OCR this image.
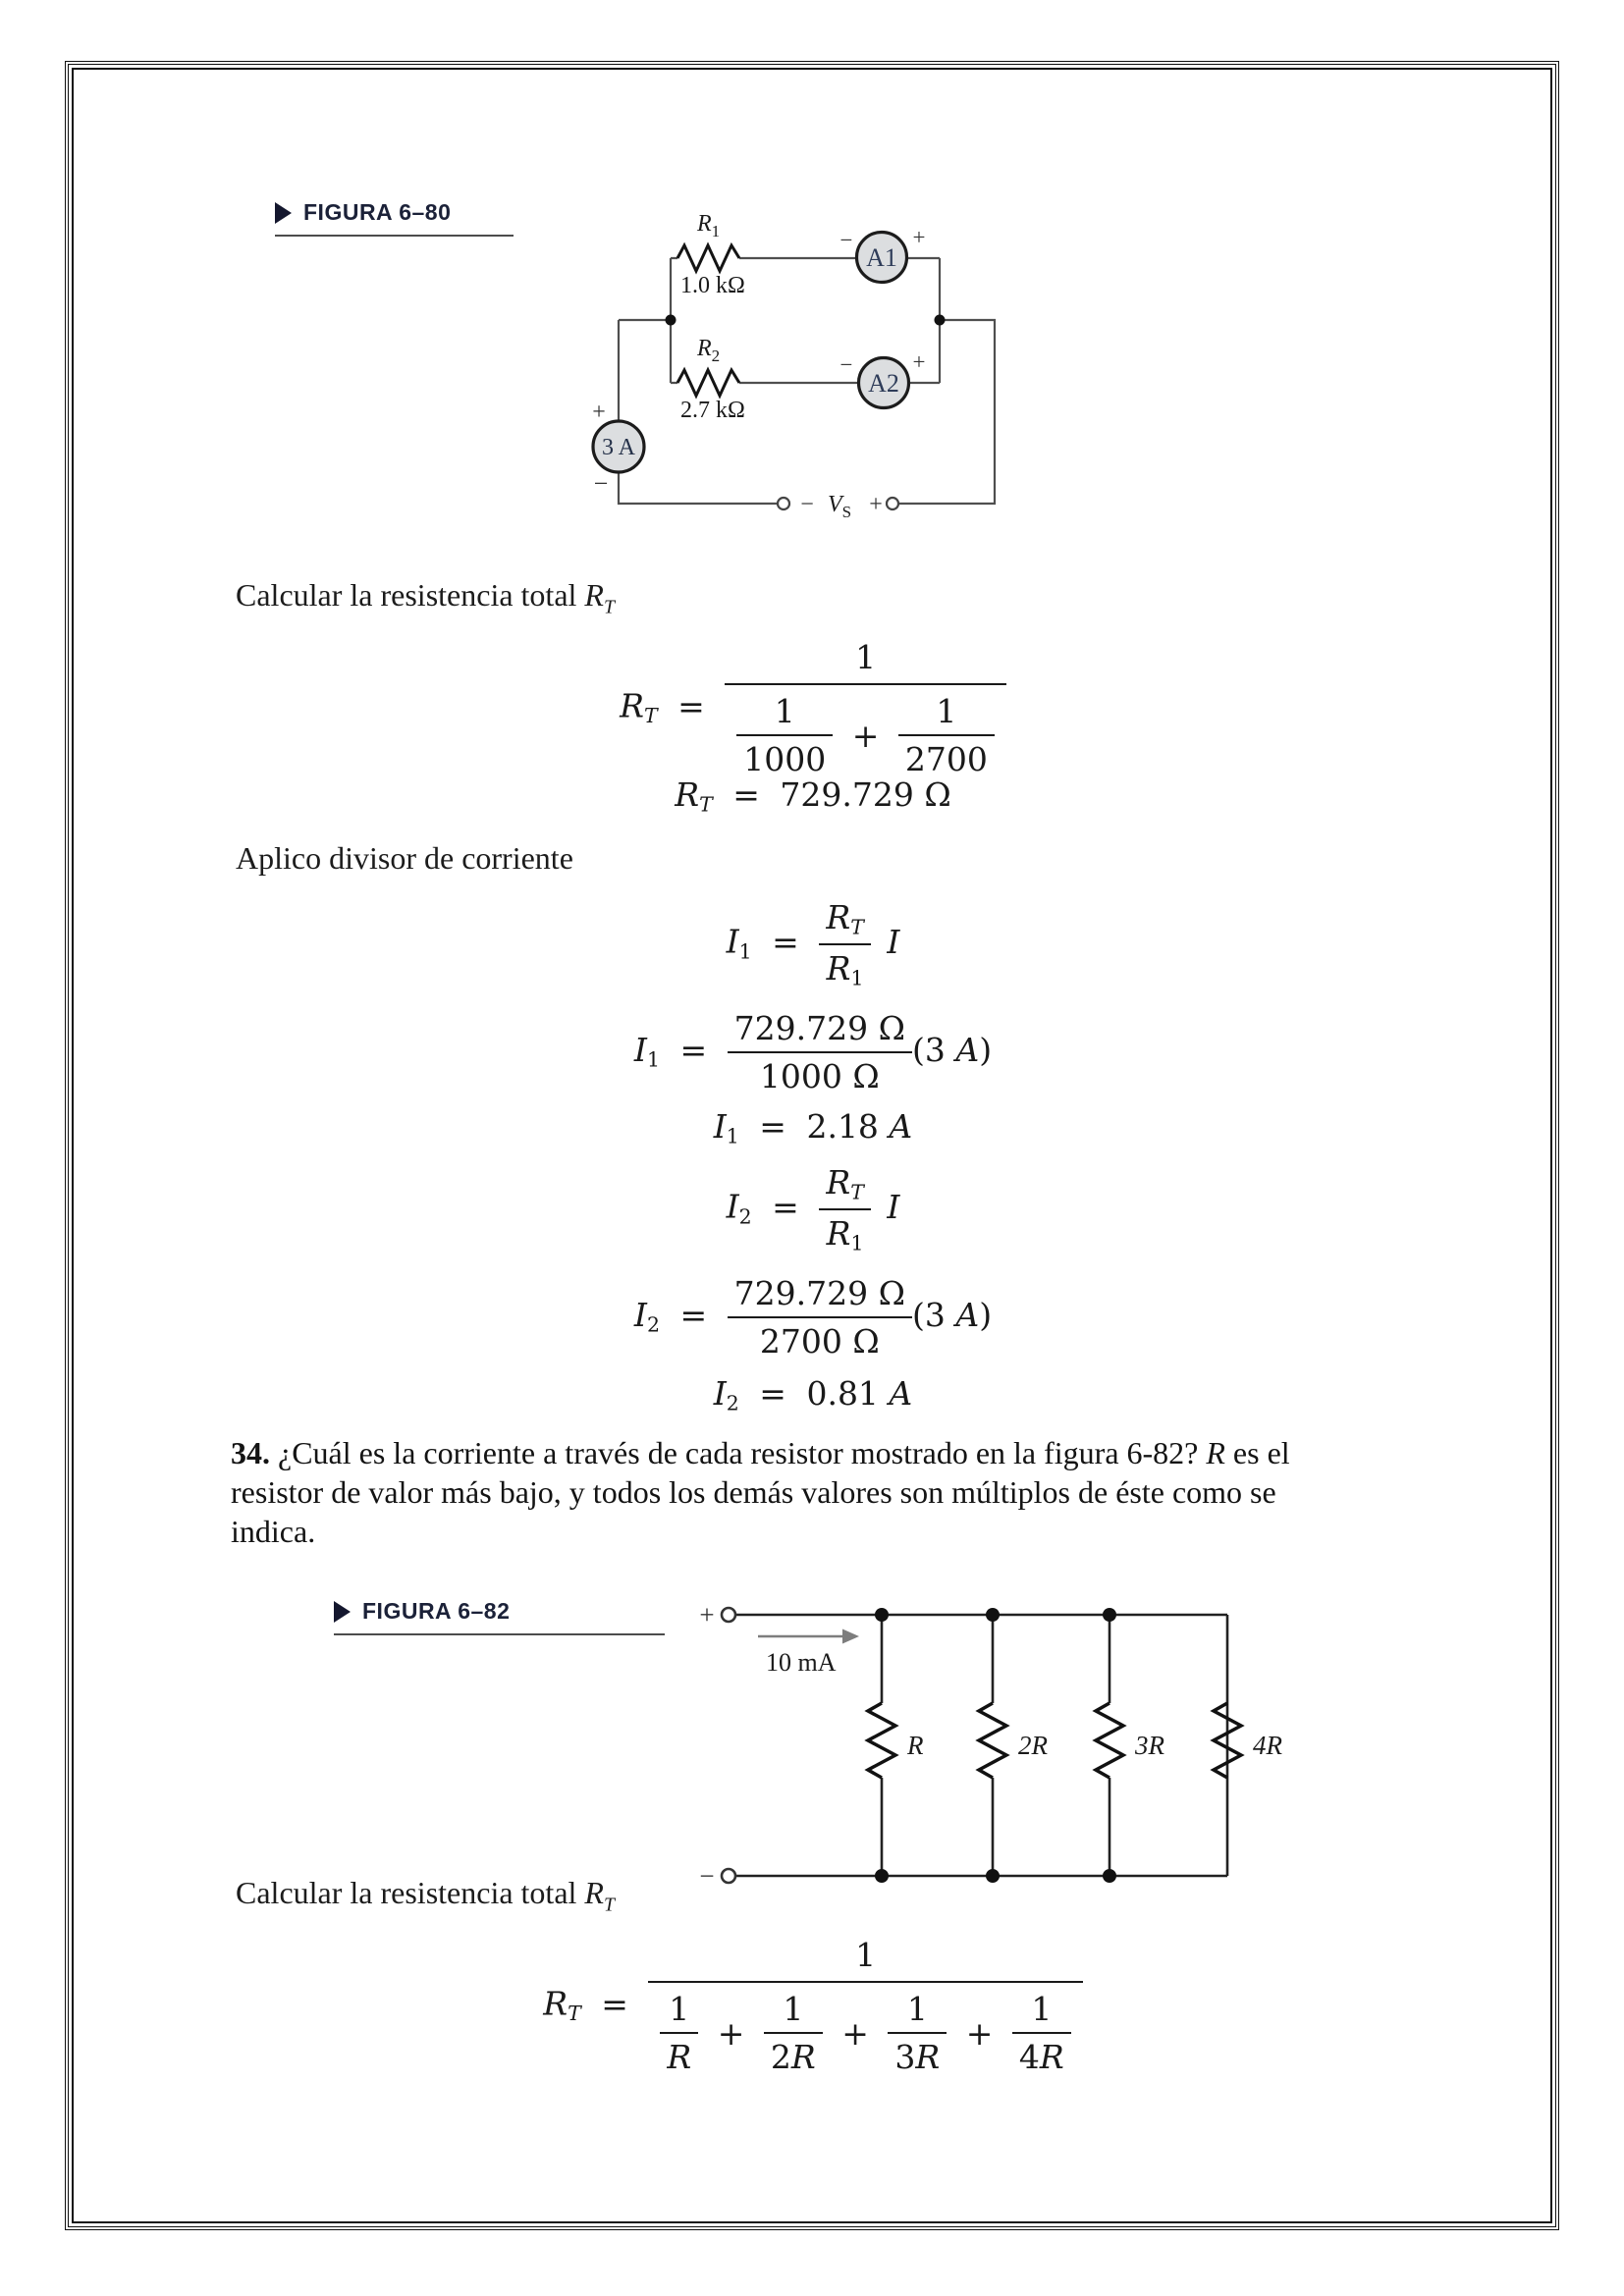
FIGURA 6–80	$R_1$
1.0 kΩ
$R_2$
2.7 kΩ
A1
A2
−	+
−	+
+
3 A
−
− $V_S$ +
Calcular la resistencia total $R_T$
$R_T = \frac{1}{\frac{1}{1000} + \frac{1}{2700}}$
$R_T = 729.729$ Ω
Aplico divisor de corriente
$I_1 = \frac{R_T}{R_1}$ I
$I_1 = \frac{729.729 \Omega}{1000 \Omega} (3$ A)
$I_1 = 2.18$ A
$I_2 = \frac{R_T}{R_1}$ I
$I_2 = \frac{729.729 \Omega}{2700 \Omega} (3$ A)
$I_2 = 0.81$ A
34. ¿Cuál es la corriente a través de cada resistor mostrado en la figura 6-82? R es el
resistor de valor más bajo, y todos los demás valores son múltiplos de éste como se
indica.
FIGURA 6–82	+
−
10 mA
R	2R	3R	4R
Calcular la resistencia total $R_T$
$R_T$ =
1
$\frac{1}{R} + \frac{1}{2R} + \frac{1}{3R} + \frac{1}{4R}$
